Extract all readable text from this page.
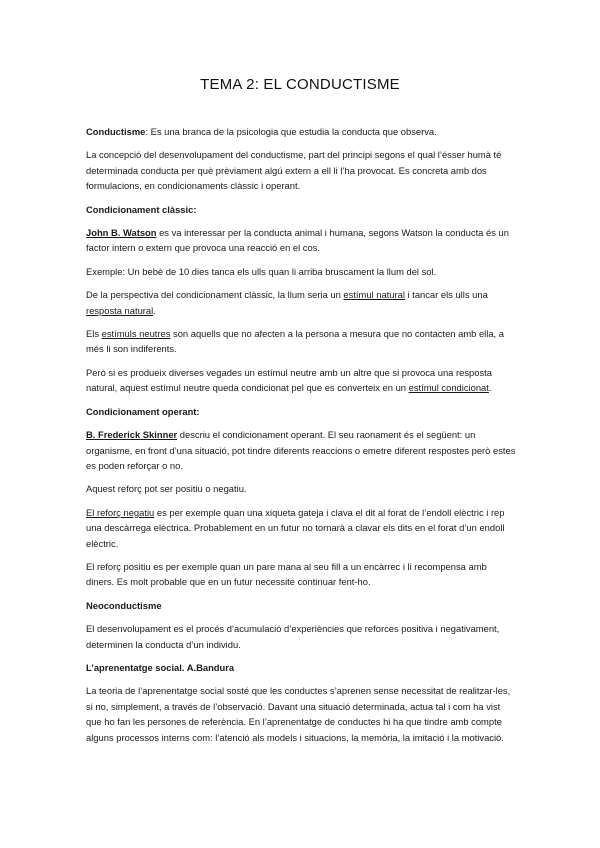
TEMA 2: EL CONDUCTISME

Conductisme: Es una branca de la psicologia que estudia la conducta que observa.

La concepció del desenvolupament del conductisme, part del principi segons el qual l’ésser humà té determinada conducta per què prèviament algú extern a ell li l’ha provocat. Es concreta amb dos formulacions, en condicionaments clàssic i operant.

Condicionament clàssic:

John B. Watson es va interessar per la conducta animal i humana, segons Watson la conducta és un factor intern o extern que provoca una reacció en el cos.

Exemple: Un bebè de 10 dies tanca els ulls quan li arriba bruscament la llum del sol.

De la perspectiva del condicionament clàssic, la llum seria un estímul natural i tancar els ulls una resposta natural.

Els estímuls neutres son aquells que no afecten a la persona a mesura que no contacten amb ella, a més li son indiferents.

Però si es produeix diverses vegades un estímul neutre amb un altre que si provoca una resposta natural, aquest estímul neutre queda condicionat pel que es converteix en un estímul condicionat.

Condicionament operant:

B. Frederick Skinner descriu el condicionament operant. El seu raonament és el següent: un organisme, en front d’una situació, pot tindre diferents reaccions o emetre diferent respostes però estes es poden reforçar o no.

Aquest reforç pot ser positiu o negatiu.

El reforç negatiu es per exemple quan una xiqueta gateja i clava el dit al forat de l’endoll elèctric i rep una descàrrega elèctrica. Probablement en un futur no tornarà a clavar els dits en el forat d’un endoll elèctric.

El reforç positiu es per exemple quan un pare mana al seu fill a un encàrrec i li recompensa amb diners. Es molt probable que en un futur necessite continuar fent-ho.

Neoconductisme

El desenvolupament es el procés d’acumulació d’experiències que reforces positiva i negativament, determinen la conducta d’un individu.

L’aprenentatge social. A.Bandura

La teoria de l’aprenentatge social sosté que les conductes s’aprenen sense necessitat de realitzar-les, si no, simplement, a través de l’observació. Davant una situació determinada, actua tal i com ha vist que ho fan les persones de referència. En l’aprenentatge de conductes hi ha que tindre amb compte alguns processos interns com: l’atenció als models i situacions, la memòria, la imitació i la motivació.
